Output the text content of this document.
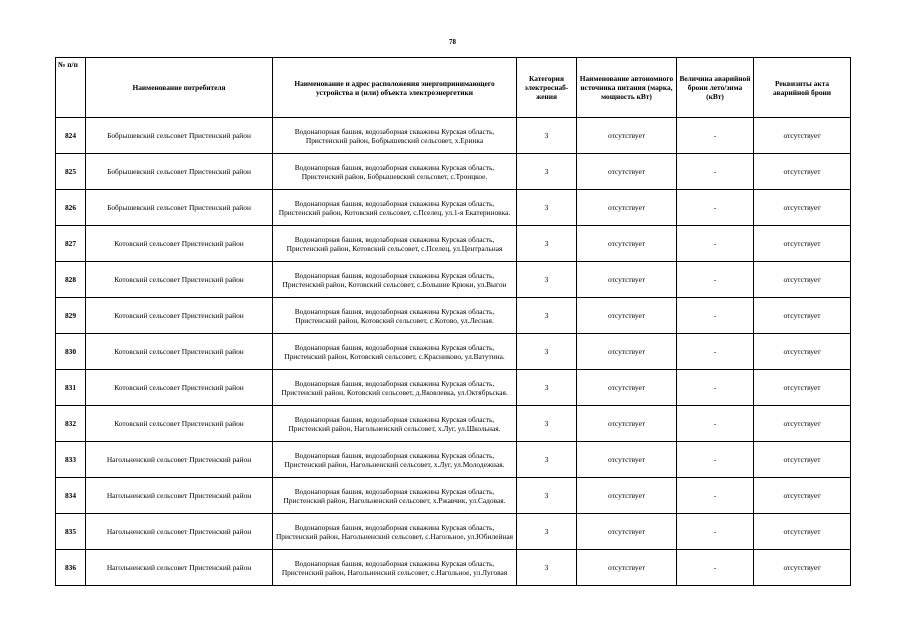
78
№ п/п	Наименование потребителя	Наименование и адрес расположения энергопринимающего устройства и (или) объекта электроэнергетики	Категория электроснаб-жения	Наименование автономного источника питания (марка, мощность кВт)	Величина аварийной брони лето/зима (кВт)	Реквизиты акта аварийной брони
824	Бобрышевский сельсовет Пристенский район	Водонапорная башня, водозаборная скважина Курская область, Пристенский район, Бобрышевский сельсовет, х.Еринка	3	отсутствует	-	отсутствует
825	Бобрышевский сельсовет Пристенский район	Водонапорная башня, водозаборная скважина Курская область, Пристенский район, Бобрышевский сельсовет, с.Троицкое.	3	отсутствует	-	отсутствует
826	Бобрышевский сельсовет Пристенский район	Водонапорная башня, водозаборная скважина Курская область, Пристенский район, Котовский сельсовет, с.Пселец, ул.1-я Екатериновка.	3	отсутствует	-	отсутствует
827	Котовский сельсовет Пристенский район	Водонапорная башня, водозаборная скважина Курская область, Пристенский район, Котовский сельсовет, с.Пселец, ул.Центральная	3	отсутствует	-	отсутствует
828	Котовский сельсовет Пристенский район	Водонапорная башня, водозаборная скважина Курская область, Пристенский район, Котовский сельсовет, с.Большие Крюки, ул.Выгон	3	отсутствует	-	отсутствует
829	Котовский сельсовет Пристенский район	Водонапорная башня, водозаборная скважина Курская область, Пристенский район, Котовский сельсовет, с.Котово, ул.Лесная.	3	отсутствует	-	отсутствует
830	Котовский сельсовет Пристенский район	Водонапорная башня, водозаборная скважина Курская область, Пристенский район, Котовский сельсовет, с.Красниково, ул.Ватутина.	3	отсутствует	-	отсутствует
831	Котовский сельсовет Пристенский район	Водонапорная башня, водозаборная скважина Курская область, Пристенский район, Котовский сельсовет, д.Яковлевка, ул.Октябрьская.	3	отсутствует	-	отсутствует
832	Котовский сельсовет Пристенский район	Водонапорная башня, водозаборная скважина Курская область, Пристенский район, Нагольненский сельсовет, х.Луг, ул.Школьная.	3	отсутствует	-	отсутствует
833	Нагольненский сельсовет Пристенский район	Водонапорная башня, водозаборная скважина Курская область, Пристенский район, Нагольненский сельсовет, х.Луг, ул.Молодежная.	3	отсутствует	-	отсутствует
834	Нагольненский сельсовет Пристенский район	Водонапорная башня, водозаборная скважина Курская область, Пристенский район, Нагольненский сельсовет, х.Ржавчик, ул.Садовая.	3	отсутствует	-	отсутствует
835	Нагольненский сельсовет Пристенский район	Водонапорная башня, водозаборная скважина Курская область, Пристенский район, Нагольненский сельсовет, с.Нагольное, ул.Юбилейная	3	отсутствует	-	отсутствует
836	Нагольненский сельсовет Пристенский район	Водонапорная башня, водозаборная скважина Курская область, Пристенский район, Нагольненский сельсовет, с.Нагольное, ул.Луговая	3	отсутствует	-	отсутствует
